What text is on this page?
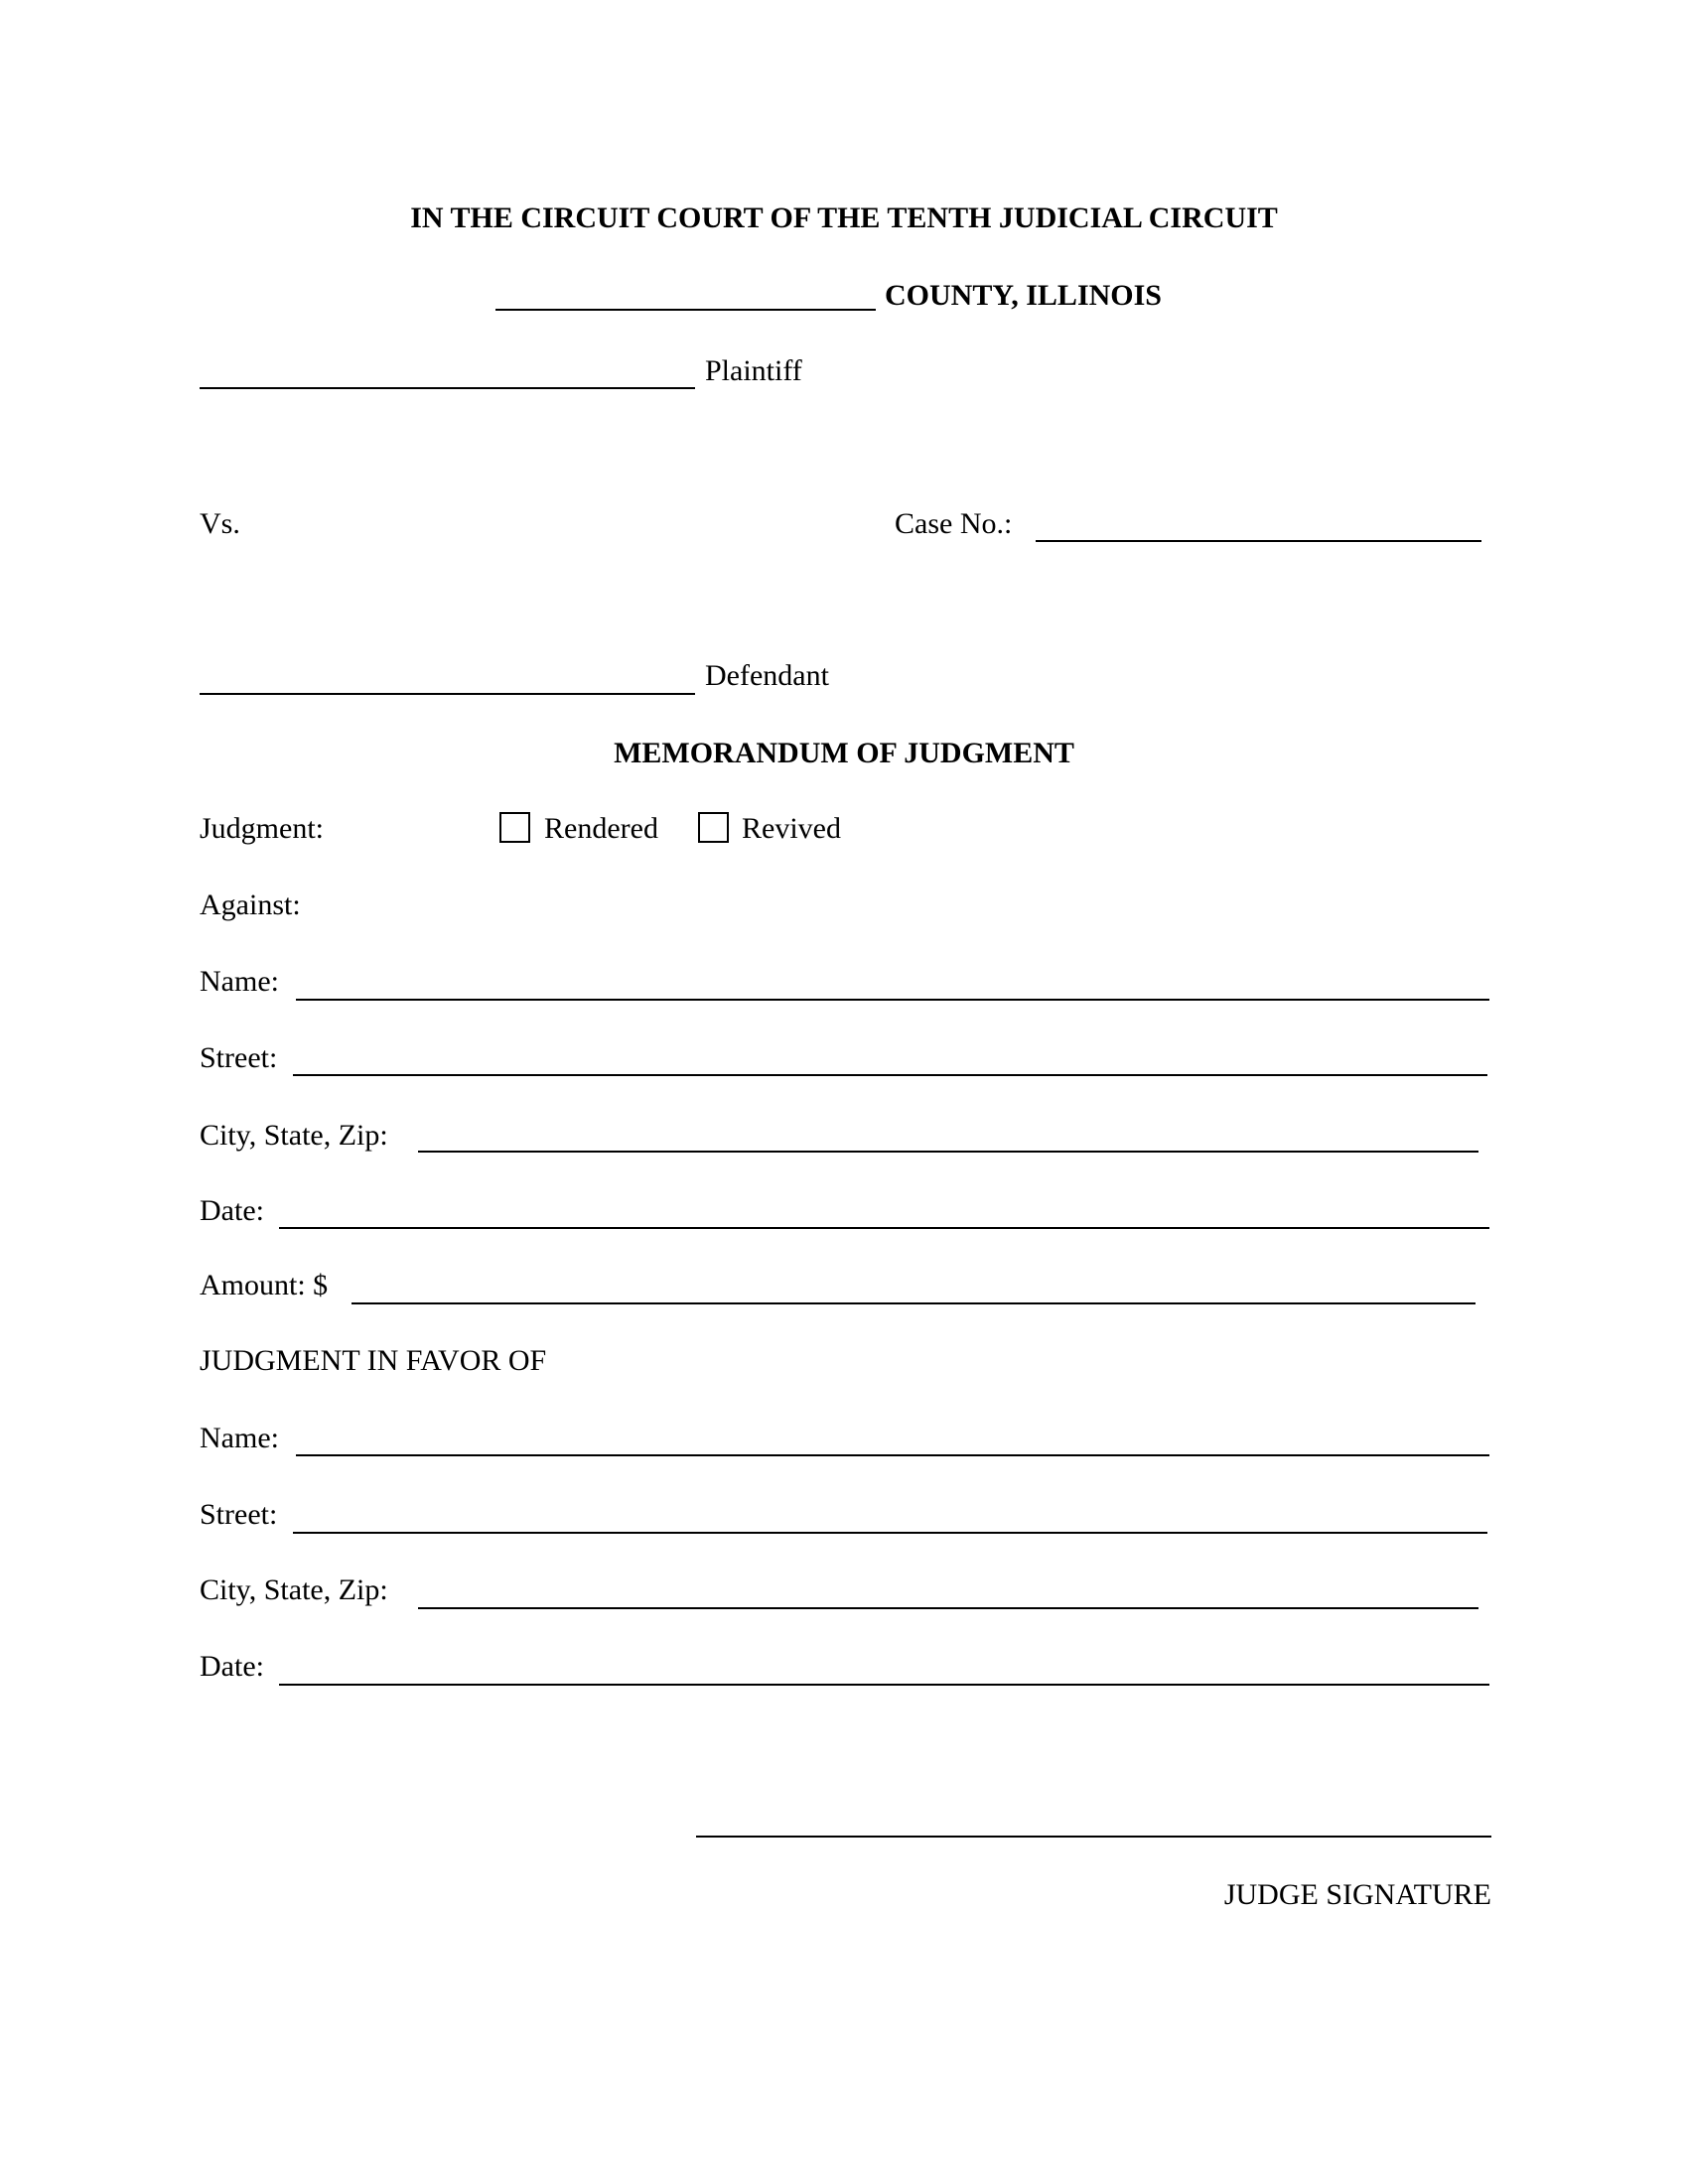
IN THE CIRCUIT COURT OF THE TENTH JUDICIAL CIRCUIT
COUNTY, ILLINOIS
Plaintiff
Vs.	Case No.:
Defendant
MEMORANDUM OF JUDGMENT
Judgment:	Rendered	Revived
Against:
Name:
Street:
City, State, Zip:
Date:
Amount: $
JUDGMENT IN FAVOR OF
Name:
Street:
City, State, Zip:
Date:
JUDGE SIGNATURE
